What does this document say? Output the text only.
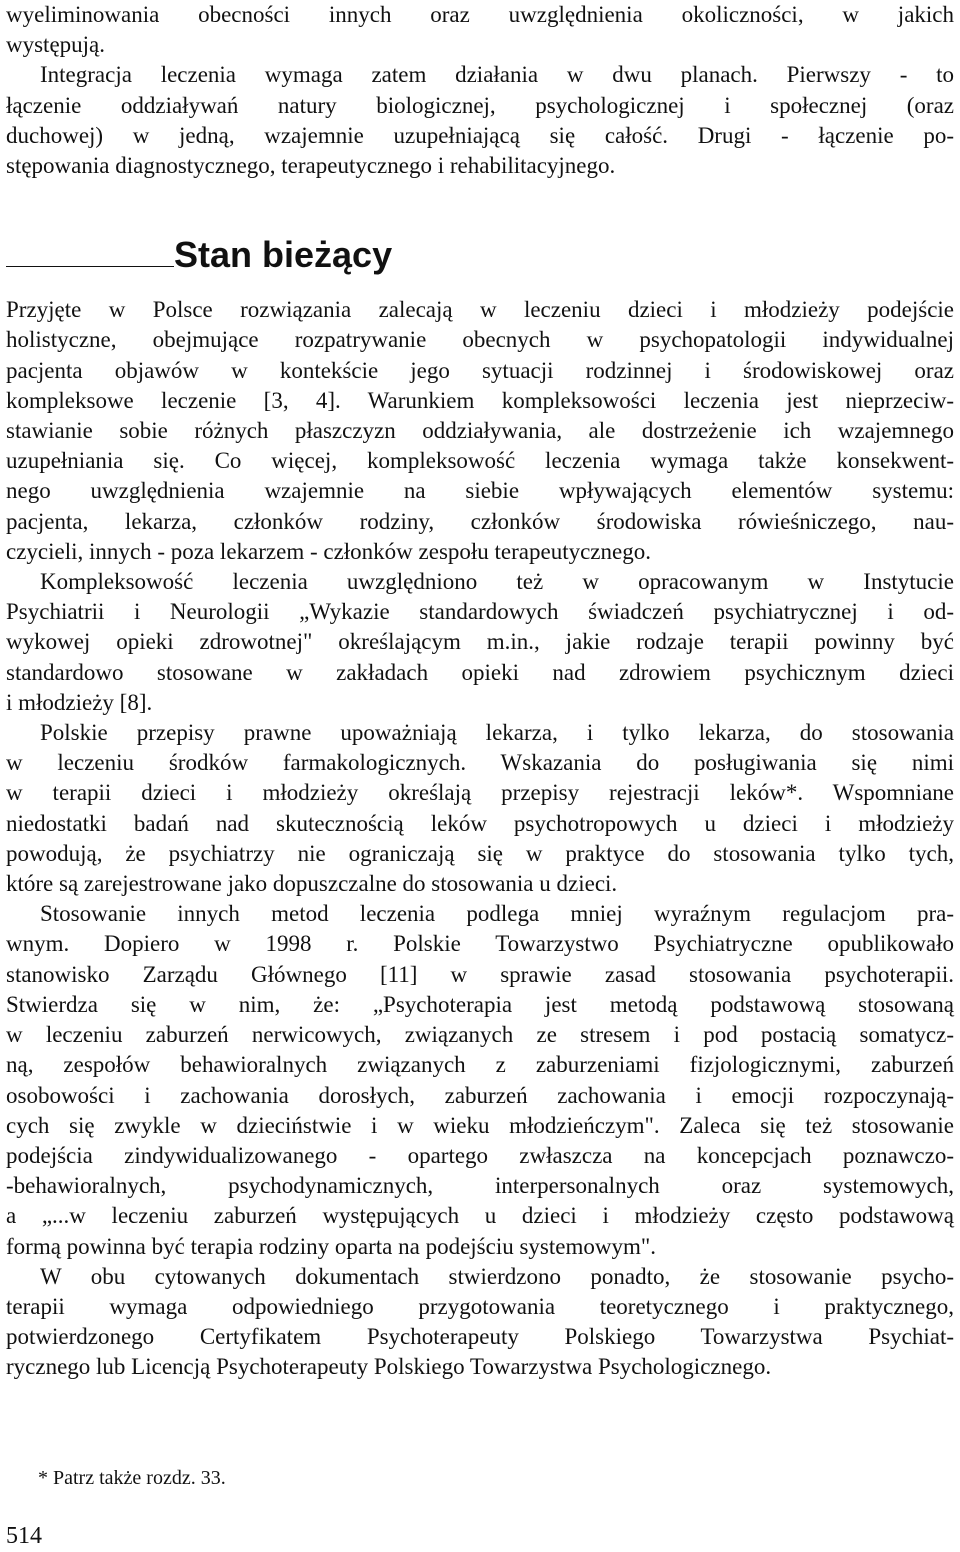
wyeliminowania obecności innych oraz uwzględnienia okoliczności, w jakich
występują.
Integracja leczenia wymaga zatem działania w dwu planach. Pierwszy - to
łączenie oddziaływań natury biologicznej, psychologicznej i społecznej (oraz
duchowej) w jedną, wzajemnie uzupełniającą się całość. Drugi - łączenie po-
stępowania diagnostycznego, terapeutycznego i rehabilitacyjnego.
Stan bieżący
Przyjęte w Polsce rozwiązania zalecają w leczeniu dzieci i młodzieży podejście
holistyczne, obejmujące rozpatrywanie obecnych w psychopatologii indywidualnej
pacjenta objawów w kontekście jego sytuacji rodzinnej i środowiskowej oraz
kompleksowe leczenie [3, 4]. Warunkiem kompleksowości leczenia jest nieprzeciw-
stawianie sobie różnych płaszczyzn oddziaływania, ale dostrzeżenie ich wzajemnego
uzupełniania się. Co więcej, kompleksowość leczenia wymaga także konsekwent-
nego uwzględnienia wzajemnie na siebie wpływających elementów systemu:
pacjenta, lekarza, członków rodziny, członków środowiska rówieśniczego, nau-
czycieli, innych - poza lekarzem - członków zespołu terapeutycznego.
Kompleksowość leczenia uwzględniono też w opracowanym w Instytucie
Psychiatrii i Neurologii „Wykazie standardowych świadczeń psychiatrycznej i od-
wykowej opieki zdrowotnej" określającym m.in., jakie rodzaje terapii powinny być
standardowo stosowane w zakładach opieki nad zdrowiem psychicznym dzieci
i młodzieży [8].
Polskie przepisy prawne upoważniają lekarza, i tylko lekarza, do stosowania
w leczeniu środków farmakologicznych. Wskazania do posługiwania się nimi
w terapii dzieci i młodzieży określają przepisy rejestracji leków*. Wspomniane
niedostatki badań nad skutecznością leków psychotropowych u dzieci i młodzieży
powodują, że psychiatrzy nie ograniczają się w praktyce do stosowania tylko tych,
które są zarejestrowane jako dopuszczalne do stosowania u dzieci.
Stosowanie innych metod leczenia podlega mniej wyraźnym regulacjom pra-
wnym. Dopiero w 1998 r. Polskie Towarzystwo Psychiatryczne opublikowało
stanowisko Zarządu Głównego [11] w sprawie zasad stosowania psychoterapii.
Stwierdza się w nim, że: „Psychoterapia jest metodą podstawową stosowaną
w leczeniu zaburzeń nerwicowych, związanych ze stresem i pod postacią somatycz-
ną, zespołów behawioralnych związanych z zaburzeniami fizjologicznymi, zaburzeń
osobowości i zachowania dorosłych, zaburzeń zachowania i emocji rozpoczynają-
cych się zwykle w dzieciństwie i w wieku młodzieńczym". Zaleca się też stosowanie
podejścia zindywidualizowanego - opartego zwłaszcza na koncepcjach poznawczo-
-behawioralnych, psychodynamicznych, interpersonalnych oraz systemowych,
a „...w leczeniu zaburzeń występujących u dzieci i młodzieży często podstawową
formą powinna być terapia rodziny oparta na podejściu systemowym".
W obu cytowanych dokumentach stwierdzono ponadto, że stosowanie psycho-
terapii wymaga odpowiedniego przygotowania teoretycznego i praktycznego,
potwierdzonego Certyfikatem Psychoterapeuty Polskiego Towarzystwa Psychiat-
rycznego lub Licencją Psychoterapeuty Polskiego Towarzystwa Psychologicznego.
* Patrz także rozdz. 33.
514
